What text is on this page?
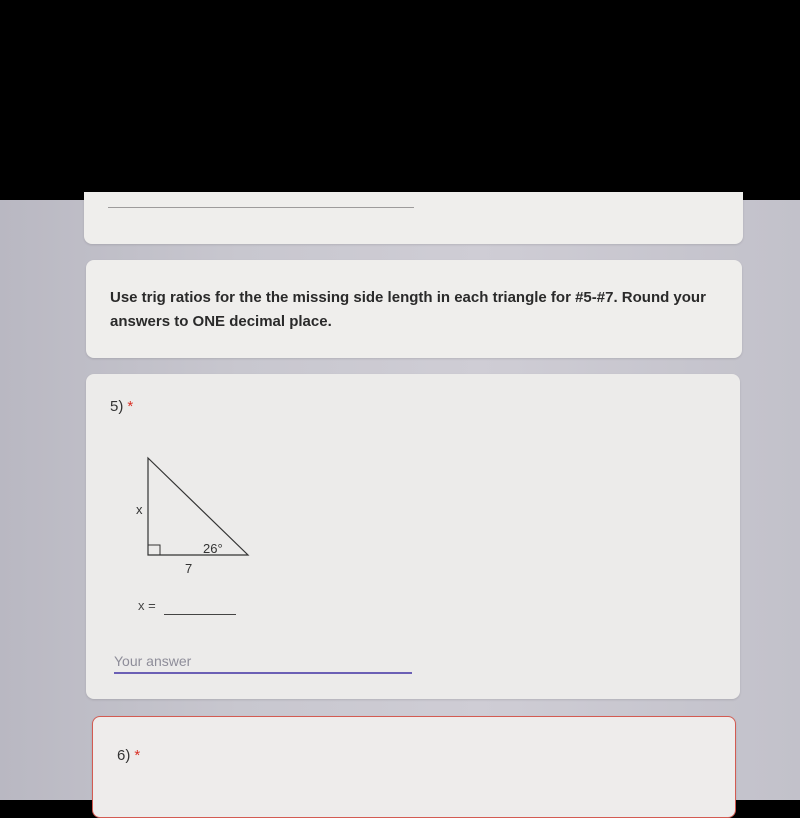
Use trig ratios for the the missing side length in each triangle for #5-#7. Round your answers to ONE decimal place.
5) *
x
7
26°
x =
Your answer
6) *
